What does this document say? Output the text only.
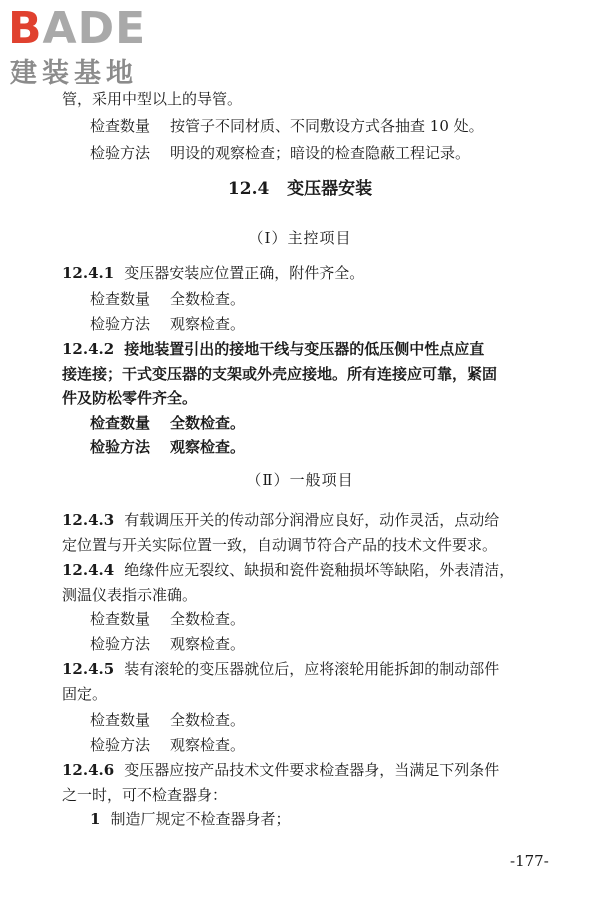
BADE
建装基地
管，采用中型以上的导管。
检查数量 按管子不同材质、不同敷设方式各抽查 10 处。
检验方法 明设的观察检查；暗设的检查隐蔽工程记录。
12.4 变压器安装
（Ⅰ）主控项目
12.4.1 变压器安装应位置正确，附件齐全。
检查数量 全数检查。
检验方法 观察检查。
12.4.2 接地装置引出的接地干线与变压器的低压侧中性点应直
接连接；干式变压器的支架或外壳应接地。所有连接应可靠，紧固
件及防松零件齐全。
检查数量 全数检查。
检验方法 观察检查。
（Ⅱ）一般项目
12.4.3 有载调压开关的传动部分润滑应良好，动作灵活，点动给
定位置与开关实际位置一致，自动调节符合产品的技术文件要求。
12.4.4 绝缘件应无裂纹、缺损和瓷件瓷釉损坏等缺陷，外表清洁，
测温仪表指示准确。
检查数量 全数检查。
检验方法 观察检查。
12.4.5 装有滚轮的变压器就位后，应将滚轮用能拆卸的制动部件
固定。
检查数量 全数检查。
检验方法 观察检查。
12.4.6 变压器应按产品技术文件要求检查器身，当满足下列条件
之一时，可不检查器身：
1 制造厂规定不检查器身者；
-177-
